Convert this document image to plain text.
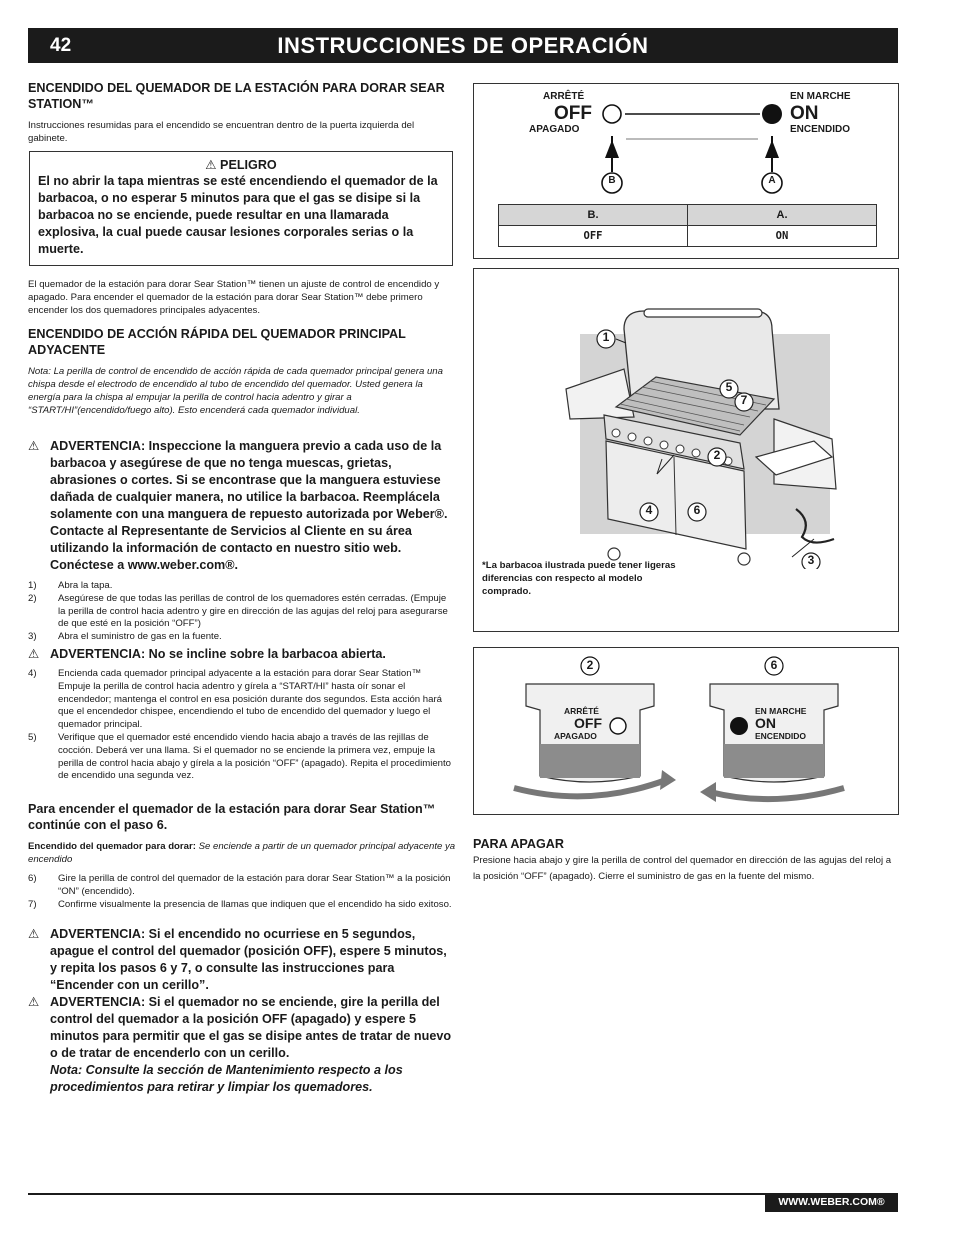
42	INSTRUCCIONES DE OPERACIÓN
ENCENDIDO DEL QUEMADOR DE LA ESTACIÓN PARA DORAR SEAR STATION™
Instrucciones resumidas para el encendido se encuentran dentro de la puerta izquierda del gabinete.
⚠ PELIGRO
El no abrir la tapa mientras se esté encendiendo el quemador de la barbacoa, o no esperar 5 minutos para que el gas se disipe si la barbacoa no se enciende, puede resultar en una llamarada explosiva, la cual puede causar lesiones corporales serias o la muerte.
El quemador de la estación para dorar Sear Station™ tienen un ajuste de control de encendido y apagado. Para encender el quemador de la estación para dorar Sear Station™ debe primero encender los dos quemadores principales adyacentes.
ENCENDIDO DE ACCIÓN RÁPIDA DEL QUEMADOR PRINCIPAL ADYACENTE
Nota: La perilla de control de encendido de acción rápida de cada quemador principal genera una chispa desde el electrodo de encendido al tubo de encendido del quemador. Usted genera la energía para la chispa al empujar la perilla de control hacia adentro y girar a “START/HI”(encendido/fuego alto). Esto encenderá cada quemador individual.
⚠ ADVERTENCIA: Inspeccione la manguera previo a cada uso de la barbacoa y asegúrese de que no tenga muescas, grietas, abrasiones o cortes. Si se encontrase que la manguera estuviese dañada de cualquier manera, no utilice la barbacoa. Reemplácela solamente con una manguera de repuesto autorizada por Weber®. Contacte al Representante de Servicios al Cliente en su área utilizando la información de contacto en nuestro sitio web. Conéctese a www.weber.com®.
1)	Abra la tapa.
2)	Asegúrese de que todas las perillas de control de los quemadores estén cerradas. (Empuje la perilla de control hacia adentro y gire en dirección de las agujas del reloj para asegurarse de que esté en la posición “OFF”)
3)	Abra el suministro de gas en la fuente.
⚠ ADVERTENCIA: No se incline sobre la barbacoa abierta.
4)	Encienda cada quemador principal adyacente a la estación para dorar Sear Station™ Empuje la perilla de control hacia adentro y gírela a “START/HI” hasta oír sonar el encendedor; mantenga el control en esa posición durante dos segundos. Esta acción hará que el encendedor chispee, encendiendo el tubo de encendido del quemador y luego el quemador principal.
5)	Verifique que el quemador esté encendido viendo hacia abajo a través de las rejillas de cocción. Deberá ver una llama. Si el quemador no se enciende la primera vez, empuje la perilla de control hacia abajo y gírela a la posición “OFF” (apagado). Repita el procedimiento de encendido una segunda vez.
Para encender el quemador de la estación para dorar Sear Station™ continúe con el paso 6.
Encendido del quemador para dorar: Se enciende a partir de un quemador principal adyacente ya encendido
6)	Gire la perilla de control del quemador de la estación para dorar Sear Station™ a la posición “ON” (encendido).
7)	Confirme visualmente la presencia de llamas que indiquen que el encendido ha sido exitoso.
⚠ ADVERTENCIA: Si el encendido no ocurriese en 5 segundos, apague el control del quemador (posición OFF), espere 5 minutos, y repita los pasos 6 y 7, o consulte las instrucciones para “Encender con un cerillo”.
⚠ ADVERTENCIA: Si el quemador no se enciende, gire la perilla del control del quemador a la posición OFF (apagado) y espere 5 minutos para permitir que el gas se disipe antes de tratar de nuevo o de tratar de encenderlo con un cerillo.
Nota: Consulte la sección de Mantenimiento respecto a los procedimientos para retirar y limpiar los quemadores.
ARRÊTÉ
OFF
APAGADO
EN MARCHE
ON
ENCENDIDO
B	A
B.	A.
OFF	ON
1
5
7
2
4	6
3
*La barbacoa ilustrada puede tener ligeras diferencias con respecto al modelo comprado.
2
ARRÊTÉ
OFF
APAGADO
6
EN MARCHE
ON
ENCENDIDO
PARA APAGAR
Presione hacia abajo y gire la perilla de control del quemador en dirección de las agujas del reloj a la posición “OFF” (apagado). Cierre el suministro de gas en la fuente del mismo.
WWW.WEBER.COM®
